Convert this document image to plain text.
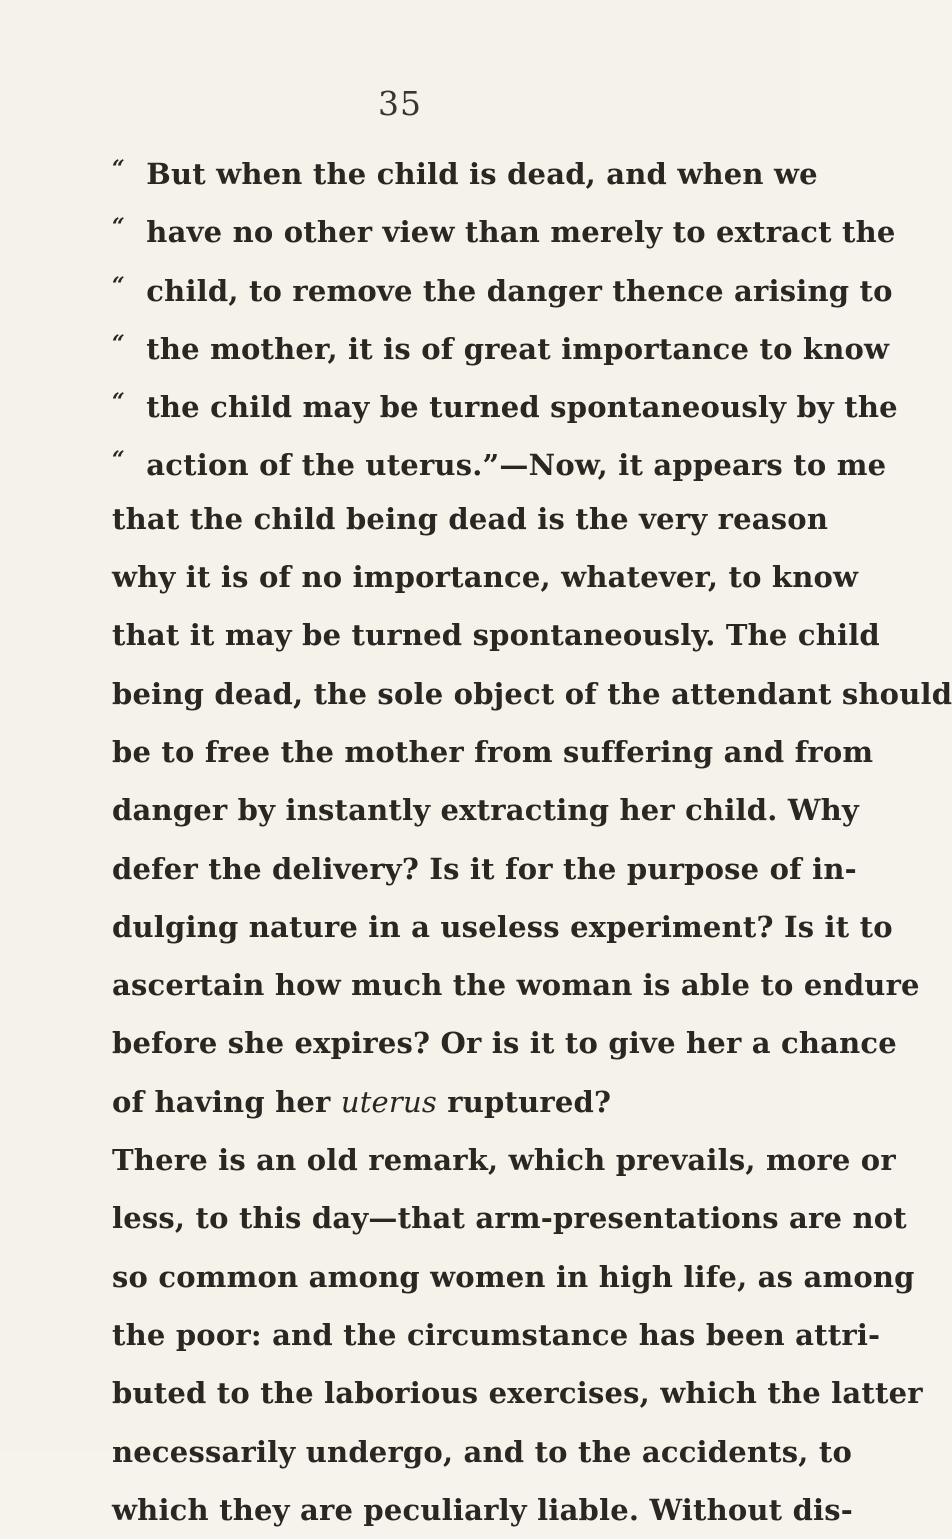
35
“ But when the child is dead, and when we
“ have no other view than merely to extract the
“ child, to remove the danger thence arising to
“ the mother, it is of great importance to know
“ the child may be turned spontaneously by the
“ action of the uterus.”—Now, it appears to me
that the child being dead is the very reason
why it is of no importance, whatever, to know
that it may be turned spontaneously. The child
being dead, the sole object of the attendant should
be to free the mother from suffering and from
danger by instantly extracting her child. Why
defer the delivery? Is it for the purpose of in-
dulging nature in a useless experiment? Is it to
ascertain how much the woman is able to endure
before she expires? Or is it to give her a chance
of having her uterus ruptured?
There is an old remark, which prevails, more or
less, to this day—that arm-presentations are not
so common among women in high life, as among
the poor: and the circumstance has been attri-
buted to the laborious exercises, which the latter
necessarily undergo, and to the accidents, to
which they are peculiarly liable. Without dis-
